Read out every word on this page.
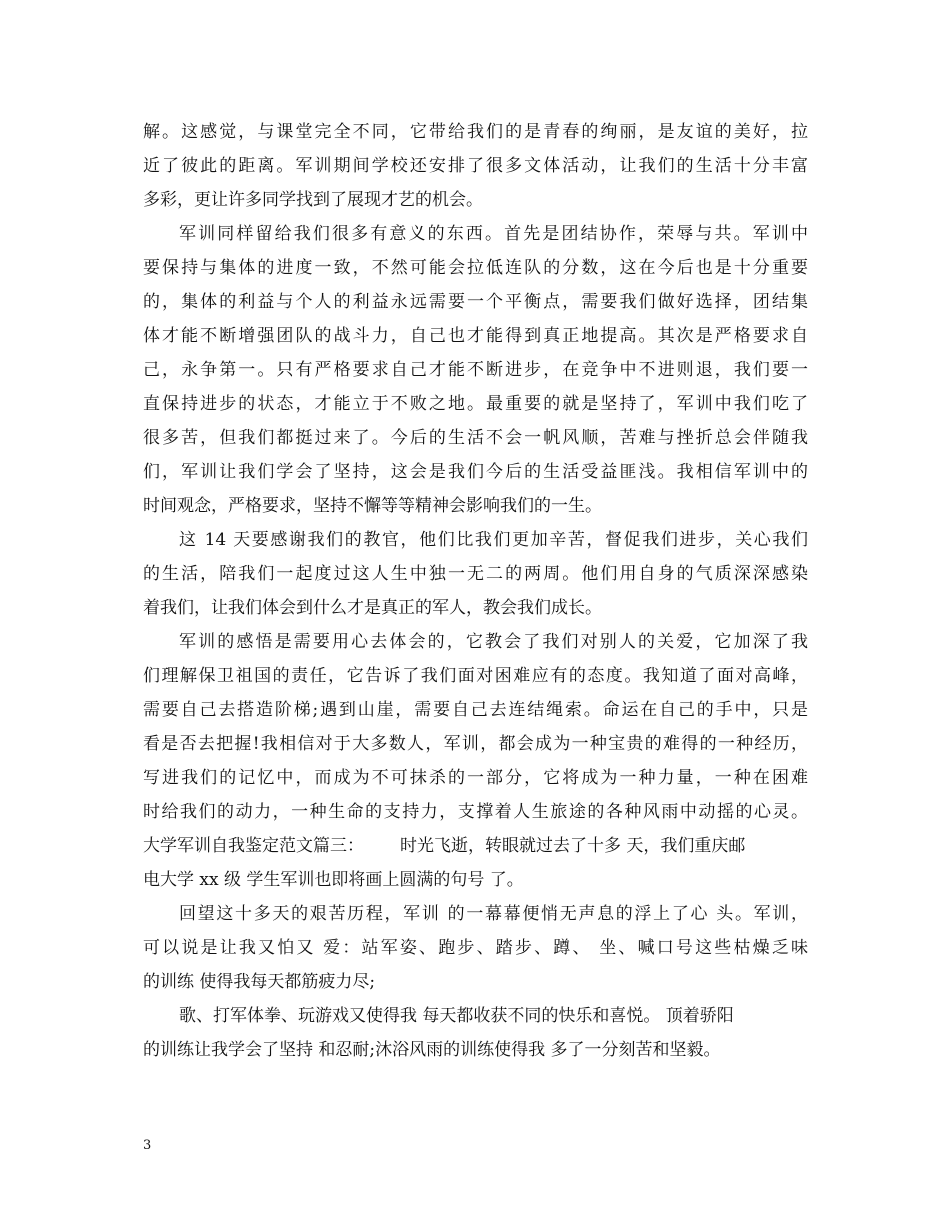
解。这感觉，与课堂完全不同，它带给我们的是青春的绚丽，是友谊的美好，拉
近了彼此的距离。军训期间学校还安排了很多文体活动，让我们的生活十分丰富
多彩，更让许多同学找到了展现才艺的机会。
军训同样留给我们很多有意义的东西。首先是团结协作，荣辱与共。军训中
要保持与集体的进度一致，不然可能会拉低连队的分数，这在今后也是十分重要
的，集体的利益与个人的利益永远需要一个平衡点，需要我们做好选择，团结集
体才能不断增强团队的战斗力，自己也才能得到真正地提高。其次是严格要求自
己，永争第一。只有严格要求自己才能不断进步，在竞争中不进则退，我们要一
直保持进步的状态，才能立于不败之地。最重要的就是坚持了，军训中我们吃了
很多苦，但我们都挺过来了。今后的生活不会一帆风顺，苦难与挫折总会伴随我
们，军训让我们学会了坚持，这会是我们今后的生活受益匪浅。我相信军训中的
时间观念，严格要求，坚持不懈等等精神会影响我们的一生。
这 14 天要感谢我们的教官，他们比我们更加辛苦，督促我们进步，关心我们
的生活，陪我们一起度过这人生中独一无二的两周。他们用自身的气质深深感染
着我们，让我们体会到什么才是真正的军人，教会我们成长。
军训的感悟是需要用心去体会的，它教会了我们对别人的关爱，它加深了我
们理解保卫祖国的责任，它告诉了我们面对困难应有的态度。我知道了面对高峰，
需要自己去搭造阶梯;遇到山崖，需要自己去连结绳索。命运在自己的手中，只是
看是否去把握!我相信对于大多数人，军训，都会成为一种宝贵的难得的一种经历，
写进我们的记忆中，而成为不可抹杀的一部分，它将成为一种力量，一种在困难
时给我们的动力，一种生命的支持力，支撑着人生旅途的各种风雨中动摇的心灵。
大学军训自我鉴定范文篇三： 时光飞逝，转眼就过去了十多 天，我们重庆邮
电大学 xx 级 学生军训也即将画上圆满的句号 了。
回望这十多天的艰苦历程，军训 的一幕幕便悄无声息的浮上了心 头。军训，
可以说是让我又怕又 爱：站军姿、跑步、踏步、蹲、 坐、喊口号这些枯燥乏味
的训练 使得我每天都筋疲力尽;
歌、打军体拳、玩游戏又使得我 每天都收获不同的快乐和喜悦。 顶着骄阳
的训练让我学会了坚持 和忍耐;沐浴风雨的训练使得我 多了一分刻苦和坚毅。
3
